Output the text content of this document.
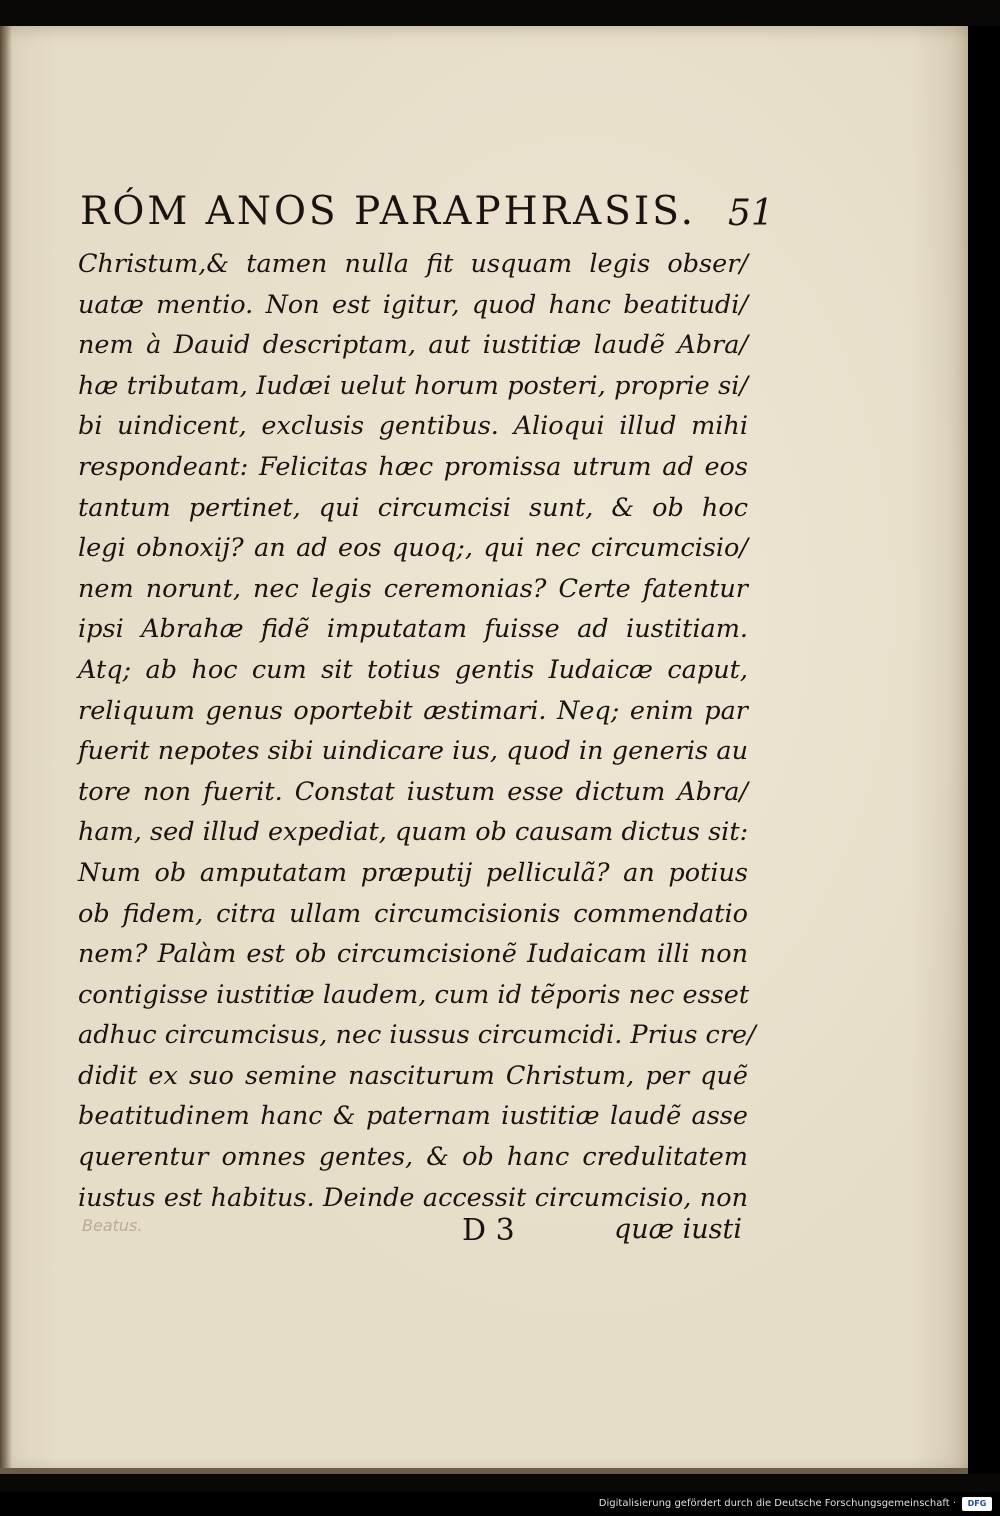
RÓM ANOS PARAPHRASIS. 51
Christum,& tamen nulla fit usquam legis obser/
uatæ mentio. Non est igitur, quod hanc beatitudi/
nem à Dauid descriptam, aut iustitiæ laudẽ Abra/
hæ tributam, Iudæi uelut horum posteri, proprie si/
bi uindicent, exclusis gentibus. Alioqui illud mihi
respondeant: Felicitas hæc promissa utrum ad eos
tantum pertinet, qui circumcisi sunt, & ob hoc
legi obnoxij? an ad eos quoq;, qui nec circumcisio/
nem norunt, nec legis ceremonias? Certe fatentur
ipsi Abrahæ fidẽ imputatam fuisse ad iustitiam.
Atq; ab hoc cum sit totius gentis Iudaicæ caput,
reliquum genus oportebit æstimari. Neq; enim par
fuerit nepotes sibi uindicare ius, quod in generis au
tore non fuerit. Constat iustum esse dictum Abra/
ham, sed illud expediat, quam ob causam dictus sit:
Num ob amputatam præputij pelliculã? an potius
ob fidem, citra ullam circumcisionis commendatio
nem? Palàm est ob circumcisionẽ Iudaicam illi non
contigisse iustitiæ laudem, cum id tẽporis nec esset
adhuc circumcisus, nec iussus circumcidi. Prius cre/
didit ex suo semine nasciturum Christum, per quẽ
beatitudinem hanc & paternam iustitiæ laudẽ asse
querentur omnes gentes, & ob hanc credulitatem
iustus est habitus. Deinde accessit circumcisio, non
Beatus.	D 3	quæ iusti
Digitalisierung gefördert durch die Deutsche Forschungsgemeinschaft ·	DFG
